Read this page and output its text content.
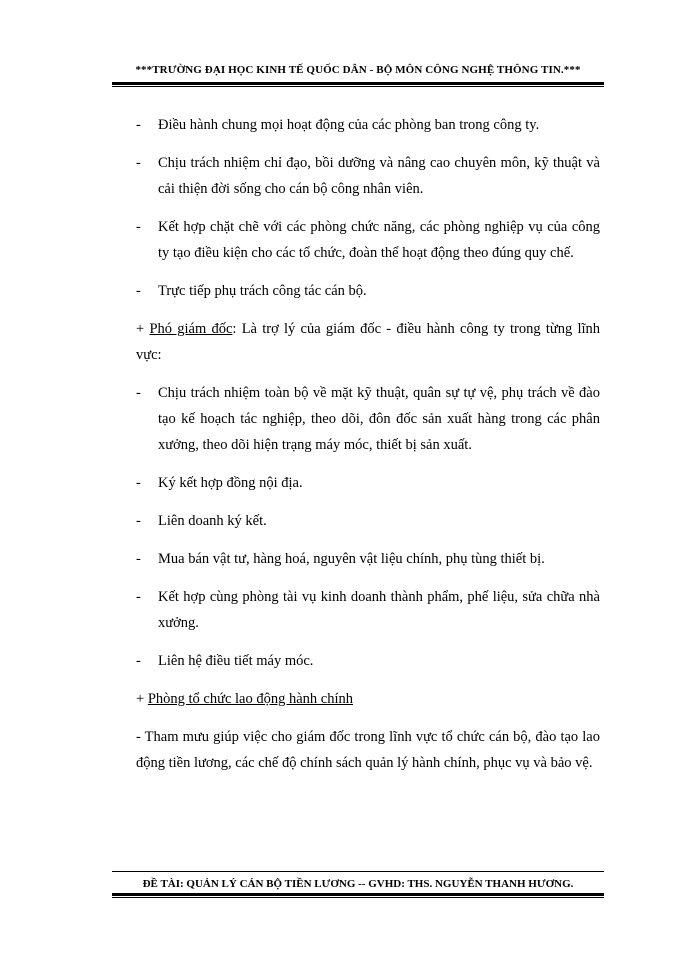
***TRƯỜNG ĐẠI HỌC KINH TẾ QUỐC DÂN - BỘ MÔN CÔNG NGHỆ THÔNG TIN.***
- Điều hành chung mọi hoạt động của các phòng ban trong công ty.
- Chịu trách nhiệm chỉ đạo, bồi dưỡng và nâng cao chuyên môn, kỹ thuật và cải thiện đời sống cho cán bộ công nhân viên.
- Kết hợp chặt chẽ với các phòng chức năng, các phòng nghiệp vụ của công ty tạo điều kiện cho các tổ chức, đoàn thể hoạt động theo đúng quy chế.
- Trực tiếp phụ trách công tác cán bộ.
+ Phó giám đốc: Là trợ lý của giám đốc - điều hành công ty trong từng lĩnh vực:
- Chịu trách nhiệm toàn bộ về mặt kỹ thuật, quân sự tự vệ, phụ trách về đào tạo kế hoạch tác nghiệp, theo dõi, đôn đốc sản xuất hàng trong các phân xưởng, theo dõi hiện trạng máy móc, thiết bị sản xuất.
- Ký kết hợp đồng nội địa.
- Liên doanh ký kết.
- Mua bán vật tư, hàng hoá, nguyên vật liệu chính, phụ tùng thiết bị.
- Kết hợp cùng phòng tài vụ kinh doanh thành phẩm, phế liệu, sửa chữa nhà xưởng.
- Liên hệ điều tiết máy móc.
+ Phòng tổ chức lao động hành chính
- Tham mưu giúp việc cho giám đốc trong lĩnh vực tổ chức cán bộ, đào tạo lao động tiền lương, các chế độ chính sách quản lý hành chính, phục vụ và bảo vệ.
ĐỀ TÀI: QUẢN LÝ CÁN BỘ TIỀN LƯƠNG -- GVHD: THS. NGUYỄN THANH HƯƠNG.
